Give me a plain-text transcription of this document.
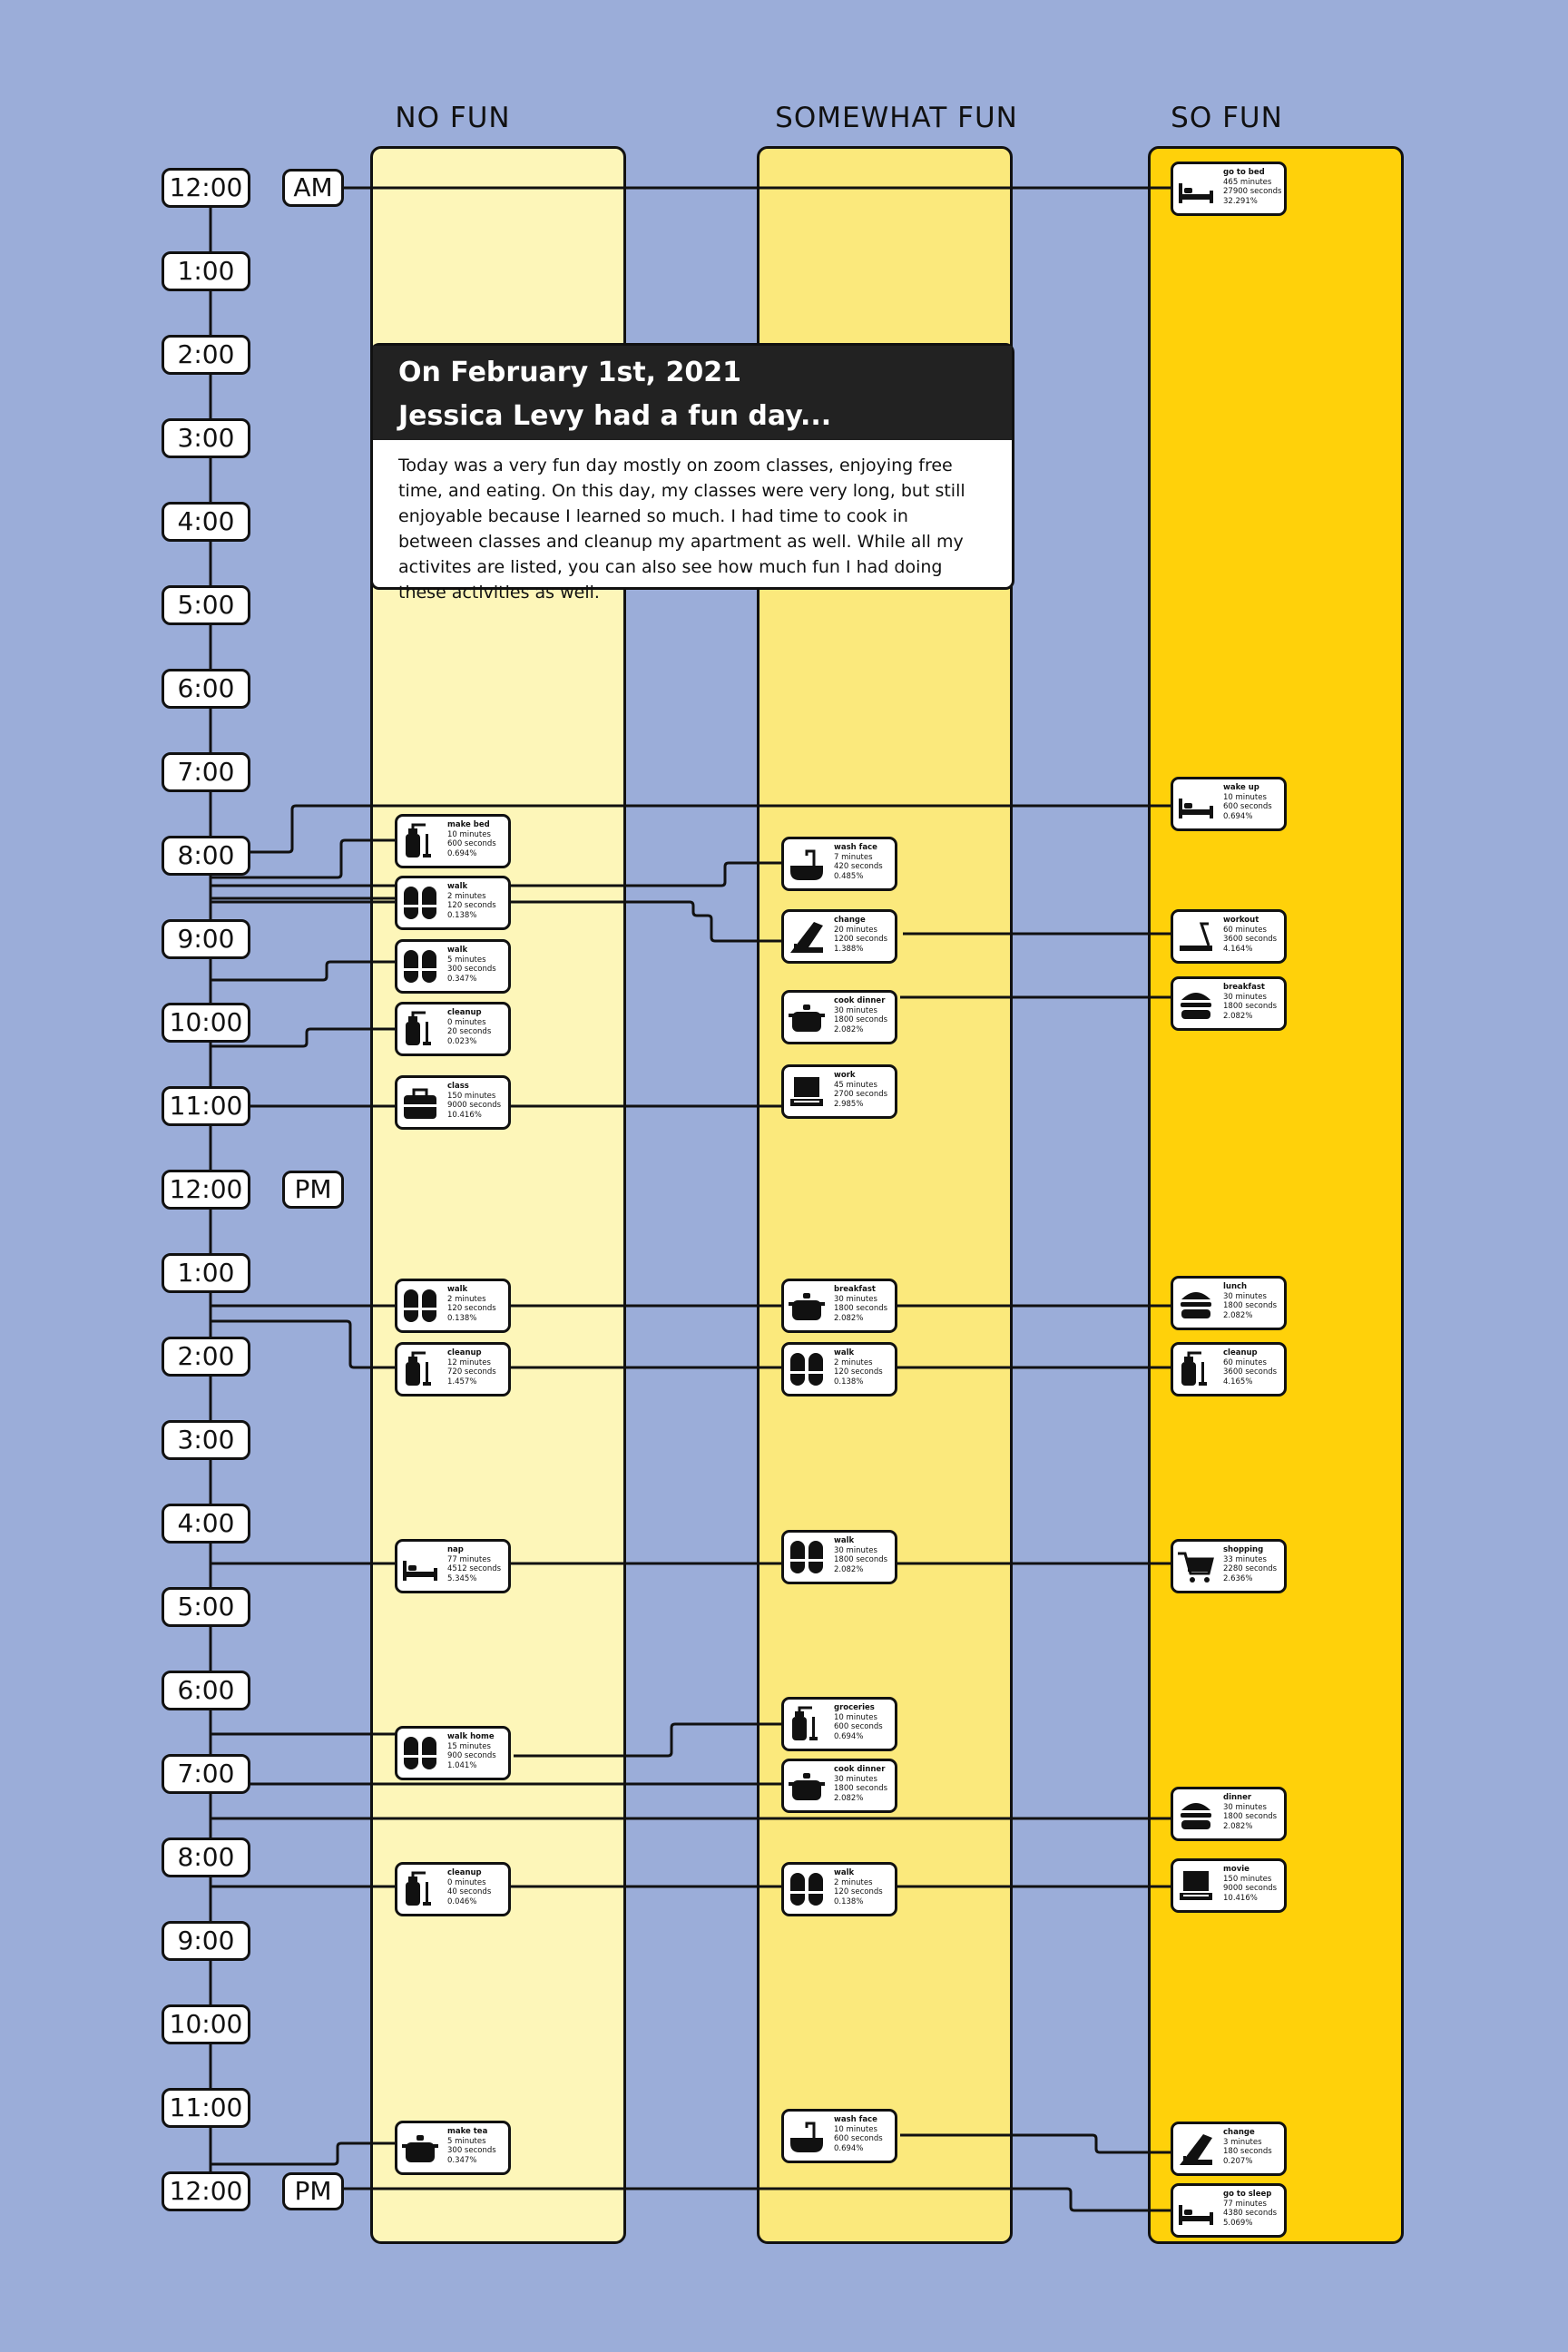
NO FUN	SOMEWHAT FUN	SO FUN
12:00
1:00
2:00
3:00
4:00
5:00
6:00
7:00
8:00
9:00
10:00
11:00
12:00
1:00
2:00
3:00
4:00
5:00
6:00
7:00
8:00
9:00
10:00
11:00
12:00
AM
PM
PM
On February 1st, 2021
Jessica Levy had a fun day...
Today was a very fun day mostly on zoom classes, enjoying free time, and eating. On this day, my classes were very long, but still enjoyable because I learned so much. I had time to cook in between classes and cleanup my apartment as well. While all my activites are listed, you can also see how much fun I had doing these activities as well.
go to bed
465 minutes
27900 seconds
32.291%
wake up
10 minutes
600 seconds
0.694%
make bed
10 minutes
600 seconds
0.694%
wash face
7 minutes
420 seconds
0.485%
walk
2 minutes
120 seconds
0.138%
change
20 minutes
1200 seconds
1.388%
workout
60 minutes
3600 seconds
4.164%
walk
5 minutes
300 seconds
0.347%
cook dinner
30 minutes
1800 seconds
2.082%
breakfast
30 minutes
1800 seconds
2.082%
cleanup
0 minutes
20 seconds
0.023%
work
45 minutes
2700 seconds
2.985%
class
150 minutes
9000 seconds
10.416%
walk
2 minutes
120 seconds
0.138%
breakfast
30 minutes
1800 seconds
2.082%
lunch
30 minutes
1800 seconds
2.082%
cleanup
12 minutes
720 seconds
1.457%
walk
2 minutes
120 seconds
0.138%
cleanup
60 minutes
3600 seconds
4.165%
nap
77 minutes
4512 seconds
5.345%
walk
30 minutes
1800 seconds
2.082%
shopping
33 minutes
2280 seconds
2.636%
groceries
10 minutes
600 seconds
0.694%
walk home
15 minutes
900 seconds
1.041%	cook dinner
30 minutes
1800 seconds
2.082%	dinner
30 minutes
1800 seconds
2.082%
cleanup
0 minutes
40 seconds
0.046%
walk
2 minutes
120 seconds
0.138%
movie
150 minutes
9000 seconds
10.416%
make tea
5 minutes
300 seconds
0.347%
wash face
10 minutes
600 seconds
0.694%
change
3 minutes
180 seconds
0.207%
go to sleep
77 minutes
4380 seconds
5.069%
